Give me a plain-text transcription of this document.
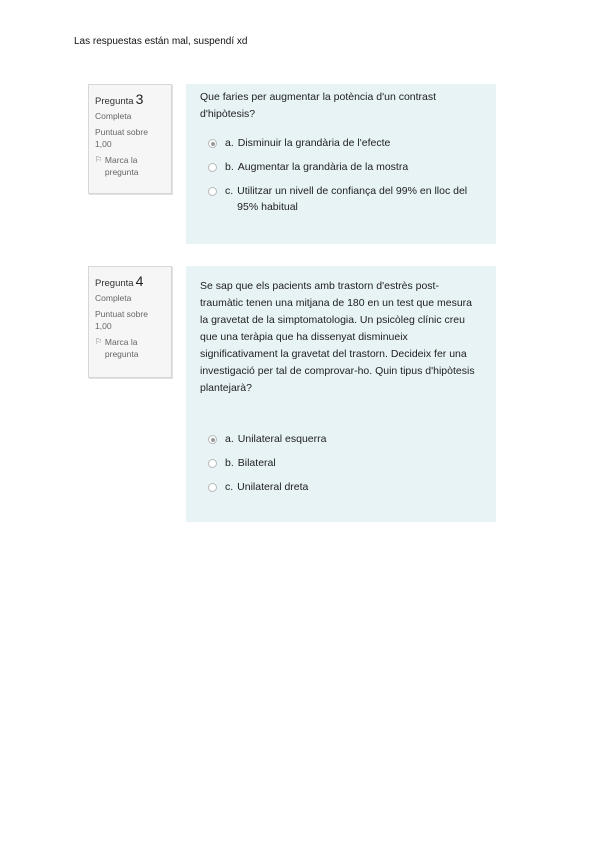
Las respuestas están mal, suspendí xd
Pregunta 3
Completa
Puntuat sobre 1,00
⚐ Marca la pregunta
Que faries per augmentar la potència d'un contrast d'hipòtesis?
a. Disminuir la grandària de l'efecte
b. Augmentar la grandària de la mostra
c. Utilitzar un nivell de confiança del 99% en lloc del 95% habitual
Pregunta 4
Completa
Puntuat sobre 1,00
⚐ Marca la pregunta
Se sap que els pacients amb trastorn d'estrès post-traumàtic tenen una mitjana de 180 en un test que mesura la gravetat de la simptomatologia. Un psicòleg clínic creu que una teràpia que ha dissenyat disminueix significativament la gravetat del trastorn. Decideix fer una investigació per tal de comprovar-ho. Quin tipus d'hipòtesis plantejarà?
a. Unilateral esquerra
b. Bilateral
c. Unilateral dreta
